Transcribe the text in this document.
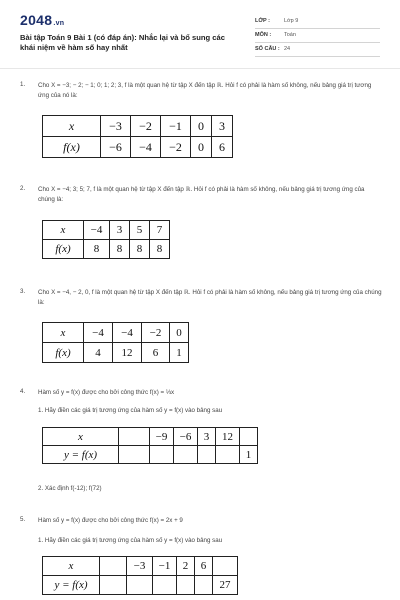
2048.vn
Bài tập Toán 9 Bài 1 (có đáp án): Nhắc lại và bổ sung các khái niệm về hàm số hay nhất
LỚP :	Lớp 9
MÔN : Toán
SỐ CÂU : 24
1. Cho X = −3; − 2; − 1; 0; 1; 2; 3, f là một quan hệ từ tập X đến tập ℝ. Hỏi f có phải là hàm số không, nếu bảng giá trị tương ứng của nó là:
x	−3	−2	−1	0	3
f(x)	−6	−4	−2	0	6
2. Cho X = −4; 3; 5; 7, f là một quan hệ từ tập X đến tập ℝ. Hỏi f có phải là hàm số không, nếu bảng giá trị tương ứng của chúng là:
x	−4	3	5	7
f(x)	8	8	8	8
3. Cho X = −4, − 2, 0, f là một quan hệ từ tập X đến tập ℝ. Hỏi f có phải là hàm số không, nếu bảng giá trị tương ứng của chúng là:
x	−4	−4	−2	0
f(x)	4	12	6	1
4. Hàm số y = f(x) được cho bởi công thức f(x) = ⅓x
1. Hãy điền các giá trị tương ứng của hàm số y = f(x) vào bảng sau
x		−9	−6	3	12	
y = f(x)						1
2. Xác định f(-12); f(72)
5. Hàm số y = f(x) được cho bởi công thức f(x) = 2x + 9
1. Hãy điền các giá trị tương ứng của hàm số y = f(x) vào bảng sau
x		−3	−1	2	6	
y = f(x)						27
